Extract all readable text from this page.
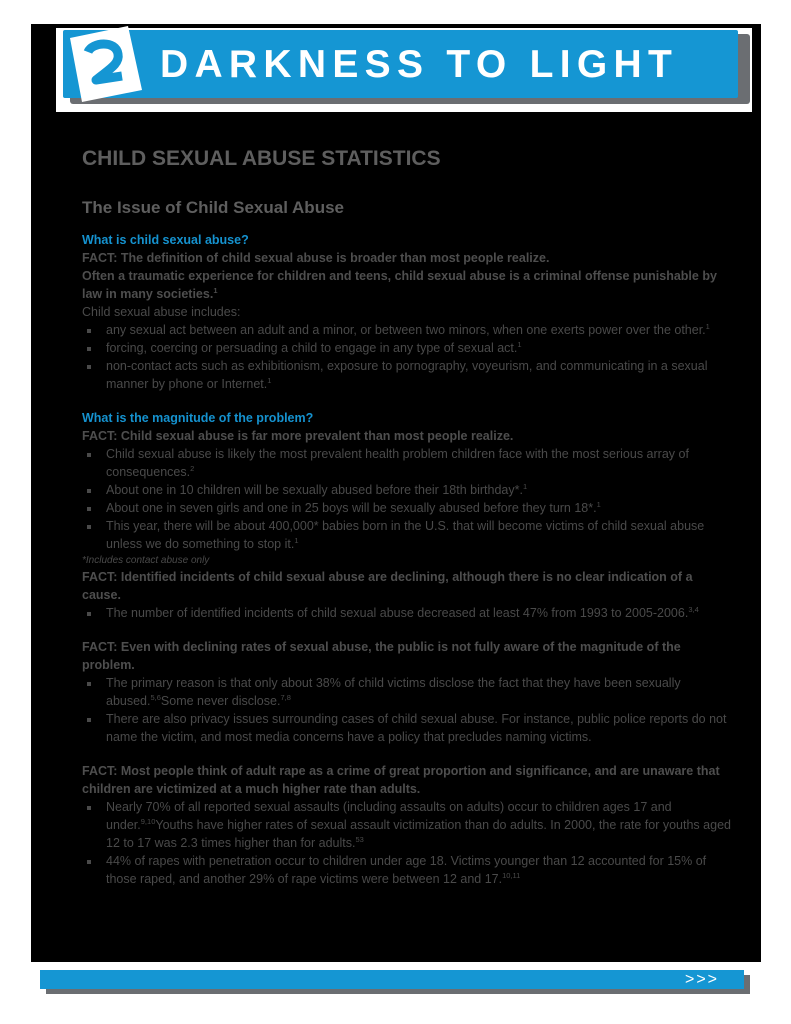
DARKNESS TO LIGHT
CHILD SEXUAL ABUSE STATISTICS
The Issue of Child Sexual Abuse
What is child sexual abuse?

FACT: The definition of child sexual abuse is broader than most people realize.

Often a traumatic experience for children and teens, child sexual abuse is a criminal offense punishable by law in many societies.$^1$

Child sexual abuse includes:

any sexual act between an adult and a minor, or between two minors, when one exerts power over the other.$^1$
forcing, coercing or persuading a child to engage in any type of sexual act.$^1$
non-contact acts such as exhibitionism, exposure to pornography, voyeurism, and communicating in a sexual manner by phone or Internet.$^1$
What is the magnitude of the problem?

FACT: Child sexual abuse is far more prevalent than most people realize.

Child sexual abuse is likely the most prevalent health problem children face with the most serious array of consequences.$^2$
About one in 10 children will be sexually abused before their 18th birthday*.$^1$
About one in seven girls and one in 25 boys will be sexually abused before they turn 18*.$^1$
This year, there will be about 400,000* babies born in the U.S. that will become victims of child sexual abuse unless we do something to stop it.$^1$

*Includes contact abuse only

FACT: Identified incidents of child sexual abuse are declining, although there is no clear indication of a cause.

The number of identified incidents of child sexual abuse decreased at least 47% from 1993 to 2005-2006.$^{3,4}$

FACT: Even with declining rates of sexual abuse, the public is not fully aware of the magnitude of the problem.

The primary reason is that only about 38% of child victims disclose the fact that they have been sexually abused.$^{5,6}$Some never disclose.$^{7,8}$
There are also privacy issues surrounding cases of child sexual abuse. For instance, public police reports do not name the victim, and most media concerns have a policy that precludes naming victims.

FACT: Most people think of adult rape as a crime of great proportion and significance, and are unaware that children are victimized at a much higher rate than adults.

Nearly 70% of all reported sexual assaults (including assaults on adults) occur to children ages 17 and under.$^{9,10}$Youths have higher rates of sexual assault victimization than do adults. In 2000, the rate for youths aged 12 to 17 was 2.3 times higher than for adults.$^{53}$
44% of rapes with penetration occur to children under age 18. Victims younger than 12 accounted for 15% of those raped, and another 29% of rape victims were between 12 and 17.$^{10,11}$
>>>
